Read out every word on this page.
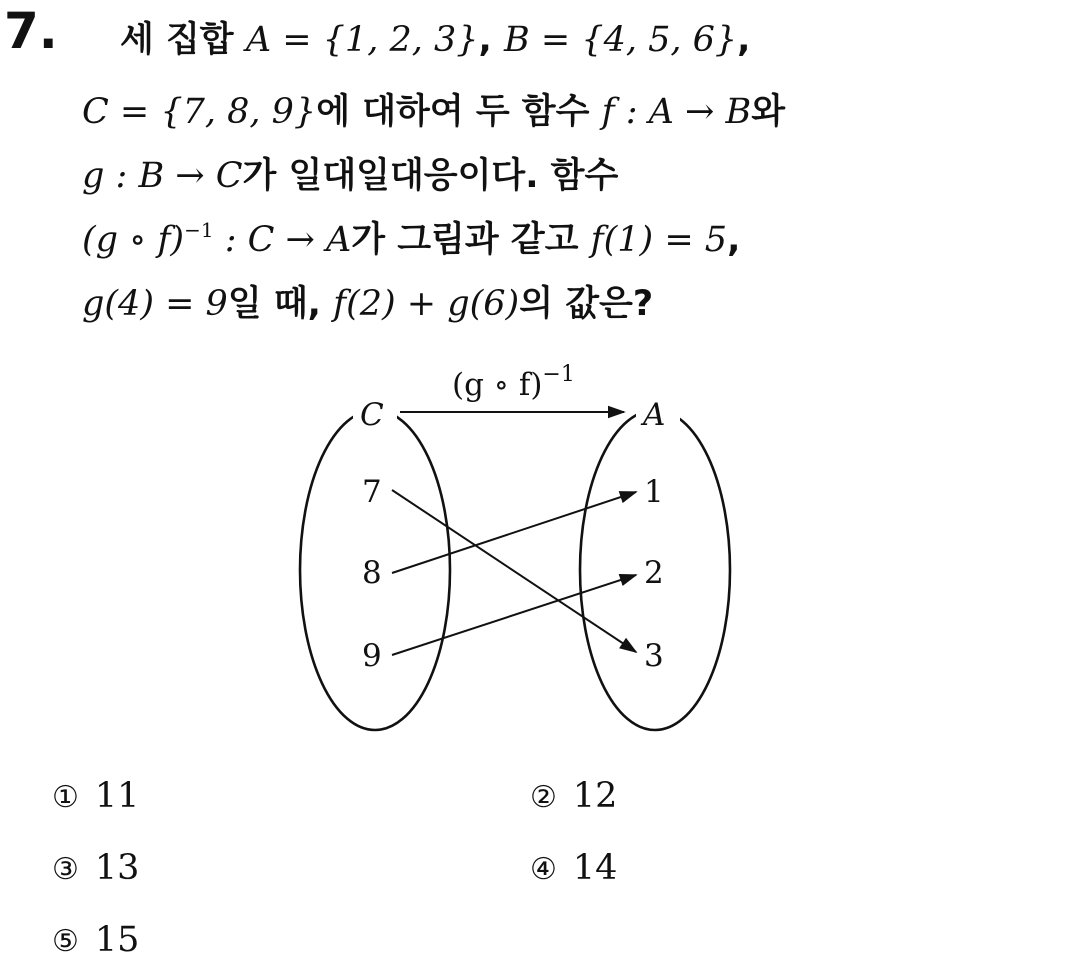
7. 세 집합 A = {1, 2, 3}, B = {4, 5, 6},
C = {7, 8, 9}에 대하여 두 함수 f : A → B와
g : B → C가 일대일대응이다. 함수
(g ∘ f)$^{-1}$ : C → A가 그림과 같고 f(1) = 5,
g(4) = 9일 때, f(2) + g(6)의 값은?
(g ∘ f)$^{-1}$
C	A
7
8
9
1
2
3
① 11	② 12
③ 13	④ 14
⑤ 15
